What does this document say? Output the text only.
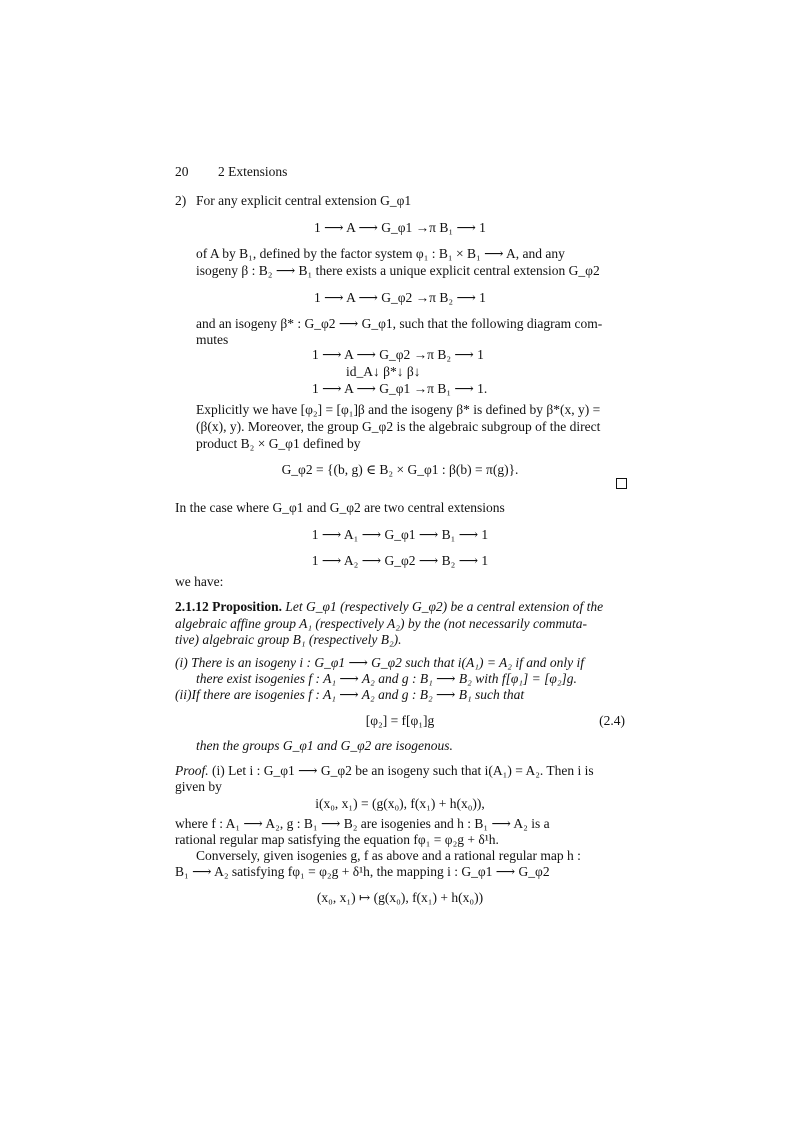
20 2 Extensions
2) For any explicit central extension G_φ1
1 ⟶ A ⟶ G_φ1 →π B₁ ⟶ 1
of A by B₁, defined by the factor system φ₁ : B₁ × B₁ ⟶ A, and any
isogeny β : B₂ ⟶ B₁ there exists a unique explicit central extension G_φ2
1 ⟶ A ⟶ G_φ2 →π B₂ ⟶ 1
and an isogeny β* : G_φ2 ⟶ G_φ1, such that the following diagram com-
mutes
1 ⟶ A ⟶ G_φ2 →π B₂ ⟶ 1
id_A↓ β*↓ β↓
1 ⟶ A ⟶ G_φ1 →π B₁ ⟶ 1.
Explicitly we have [φ₂] = [φ₁]β and the isogeny β* is defined by β*(x, y) =
(β(x), y). Moreover, the group G_φ2 is the algebraic subgroup of the direct
product B₂ × G_φ1 defined by
G_φ2 = {(b, g) ∈ B₂ × G_φ1 : β(b) = π(g)}.
In the case where G_φ1 and G_φ2 are two central extensions
1 ⟶ A₁ ⟶ G_φ1 ⟶ B₁ ⟶ 1
1 ⟶ A₂ ⟶ G_φ2 ⟶ B₂ ⟶ 1
we have:
2.1.12 Proposition. Let G_φ1 (respectively G_φ2) be a central extension of the
algebraic affine group A₁ (respectively A₂) by the (not necessarily commuta-
tive) algebraic group B₁ (respectively B₂).
(i) There is an isogeny i : G_φ1 ⟶ G_φ2 such that i(A₁) = A₂ if and only if
there exist isogenies f : A₁ ⟶ A₂ and g : B₁ ⟶ B₂ with f[φ₁] = [φ₂]g.
(ii)If there are isogenies f : A₁ ⟶ A₂ and g : B₂ ⟶ B₁ such that
[φ₂] = f[φ₁]g	(2.4)
then the groups G_φ1 and G_φ2 are isogenous.
Proof. (i) Let i : G_φ1 ⟶ G_φ2 be an isogeny such that i(A₁) = A₂. Then i is
given by
i(x₀, x₁) = (g(x₀), f(x₁) + h(x₀)),
where f : A₁ ⟶ A₂, g : B₁ ⟶ B₂ are isogenies and h : B₁ ⟶ A₂ is a
rational regular map satisfying the equation fφ₁ = φ₂g + δ¹h.
Conversely, given isogenies g, f as above and a rational regular map h :
B₁ ⟶ A₂ satisfying fφ₁ = φ₂g + δ¹h, the mapping i : G_φ1 ⟶ G_φ2
(x₀, x₁) ↦ (g(x₀), f(x₁) + h(x₀))
